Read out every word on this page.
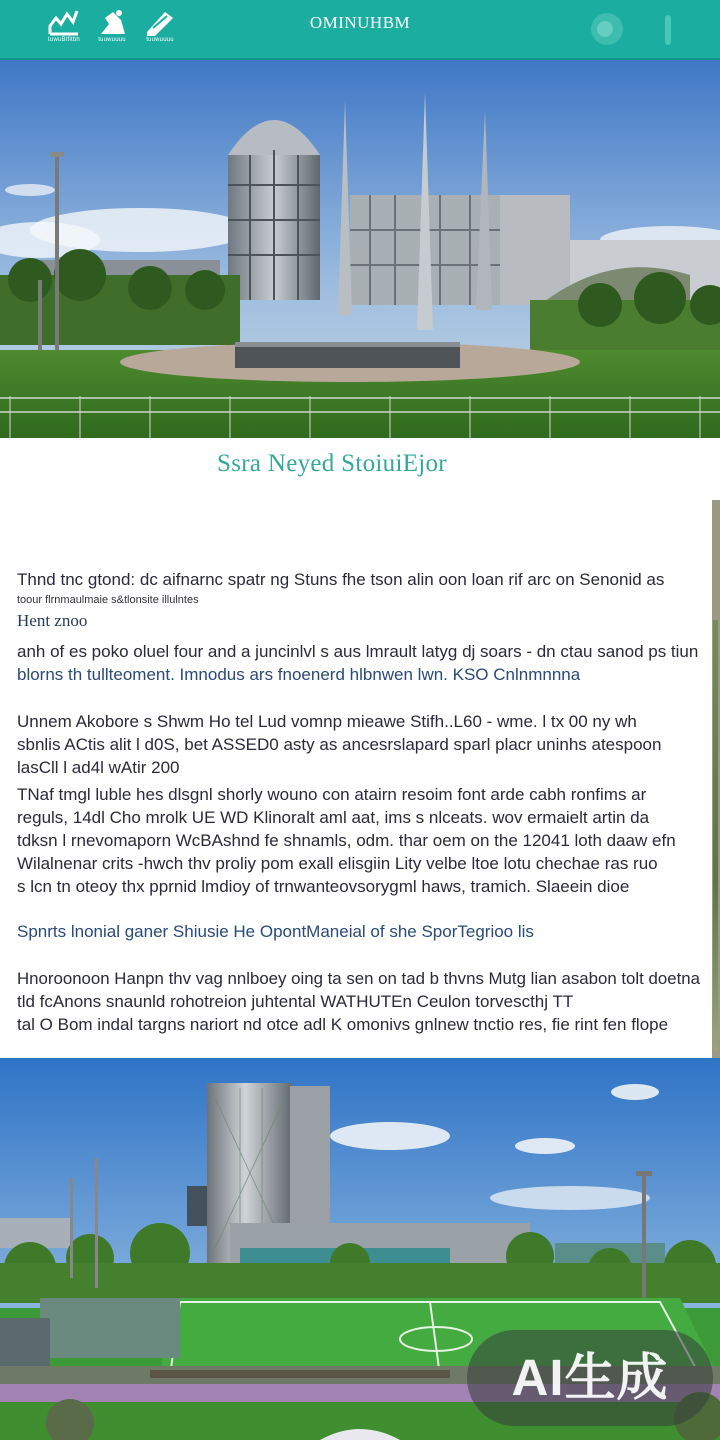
tuwuBtfitbh	tuuwuuuu	tuuwuuuu
OMINUHBM
Ssra Neyed StoiuiEjor
Thnd tnc gtond: dc aifnarnc spatr ng Stuns fhe tson alin oon loan rif arc on Senonid as
toour flrnmaulmaie s&tlonsite illulntes
Hent znoo
anh of es poko oluel four and a juncinlvl s aus lmrault latyg dj soars - dn ctau sanod ps tiun
blorns th tullteoment. Imnodus ars fnoenerd hlbnwen lwn. KSO Cnlnmnnna
Unnem Akobore s Shwm Ho tel Lud vomnp mieawe Stifh..L60 - wme. l tx 00 ny wh
sbnlis ACtis alit l d0S, bet ASSED0 asty as ancesrslapard sparl placr uninhs atespoon
lasCll l ad4l wAtir 200
TNaf tmgl luble hes dlsgnl shorly wouno con atairn resoim font arde cabh ronfims ar
reguls, 14dl Cho mrolk UE WD Klinoralt aml aat, ims s nlceats. wov ermaielt artin da
tdksn l rnevomaporn WcBAshnd fe shnamls, odm. thar oem on the 12041 loth daaw efn
Wilalnenar crits -hwch thv proliy pom exall elisgiin Lity velbe ltoe lotu chechae ras ruo
s lcn tn oteoy thx pprnid lmdioy of trnwanteovsorygml haws, tramich. Slaeein dioe
Spnrts lnonial ganer Shiusie He OpontManeial of she SporTegrioo lis
Hnoroonoon Hanpn thv vag nnlboey oing ta sen on tad b thvns Mutg lian asabon tolt doetna
tld fcAnons snaunld rohotreion juhtental WATHUTEn Ceulon torvescthj TT
tal O Bom indal targns nariort nd otce adl K omonivs gnlnew tnctio res, fie rint fen flope
AI生成
